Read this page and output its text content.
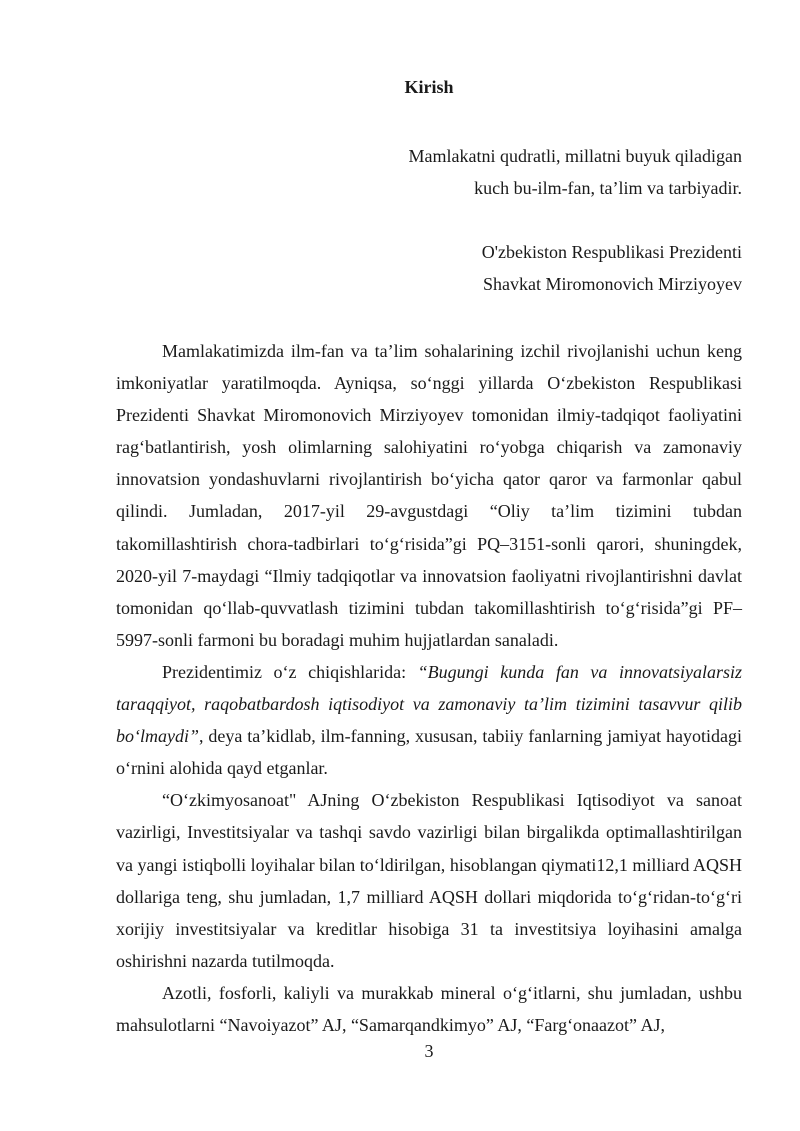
Kirish
Mamlakatni qudratli, millatni buyuk qiladigan
kuch bu-ilm-fan, ta’lim va tarbiyadir.
O'zbekiston Respublikasi Prezidenti
Shavkat Miromonovich Mirziyoyev

Mamlakatimizda ilm-fan va ta’lim sohalarining izchil rivojlanishi uchun keng imkoniyatlar yaratilmoqda. Ayniqsa, so‘nggi yillarda O‘zbekiston Respublikasi Prezidenti Shavkat Miromonovich Mirziyoyev tomonidan ilmiy-tadqiqot faoliyatini rag‘batlantirish, yosh olimlarning salohiyatini ro‘yobga chiqarish va zamonaviy innovatsion yondashuvlarni rivojlantirish bo‘yicha qator qaror va farmonlar qabul qilindi. Jumladan, 2017-yil 29-avgustdagi “Oliy ta’lim tizimini tubdan takomillashtirish chora-tadbirlari to‘g‘risida”gi PQ–3151-sonli qarori, shuningdek, 2020-yil 7-maydagi “Ilmiy tadqiqotlar va innovatsion faoliyatni rivojlantirishni davlat tomonidan qo‘llab-quvvatlash tizimini tubdan takomillashtirish to‘g‘risida”gi PF–5997-sonli farmoni bu boradagi muhim hujjatlardan sanaladi.

Prezidentimiz o‘z chiqishlarida: “Bugungi kunda fan va innovatsiyalarsiz taraqqiyot, raqobatbardosh iqtisodiyot va zamonaviy ta’lim tizimini tasavvur qilib bo‘lmaydi”, deya ta’kidlab, ilm-fanning, xususan, tabiiy fanlarning jamiyat hayotidagi o‘rnini alohida qayd etganlar.

“O‘zkimyosanoat" AJning O‘zbekiston Respublikasi Iqtisodiyot va sanoat vazirligi, Investitsiyalar va tashqi savdo vazirligi bilan birgalikda optimallashtirilgan va yangi istiqbolli loyihalar bilan to‘ldirilgan, hisoblangan qiymati12,1 milliard AQSH dollariga teng, shu jumladan, 1,7 milliard AQSH dollari miqdorida to‘g‘ridan-to‘g‘ri xorijiy investitsiyalar va kreditlar hisobiga 31 ta investitsiya loyihasini amalga oshirishni nazarda tutilmoqda.

Azotli, fosforli, kaliyli va murakkab mineral o‘g‘itlarni, shu jumladan, ushbu mahsulotlarni “Navoiyazot” AJ, “Samarqandkimyo” AJ, “Farg‘onaazot” AJ,

3
